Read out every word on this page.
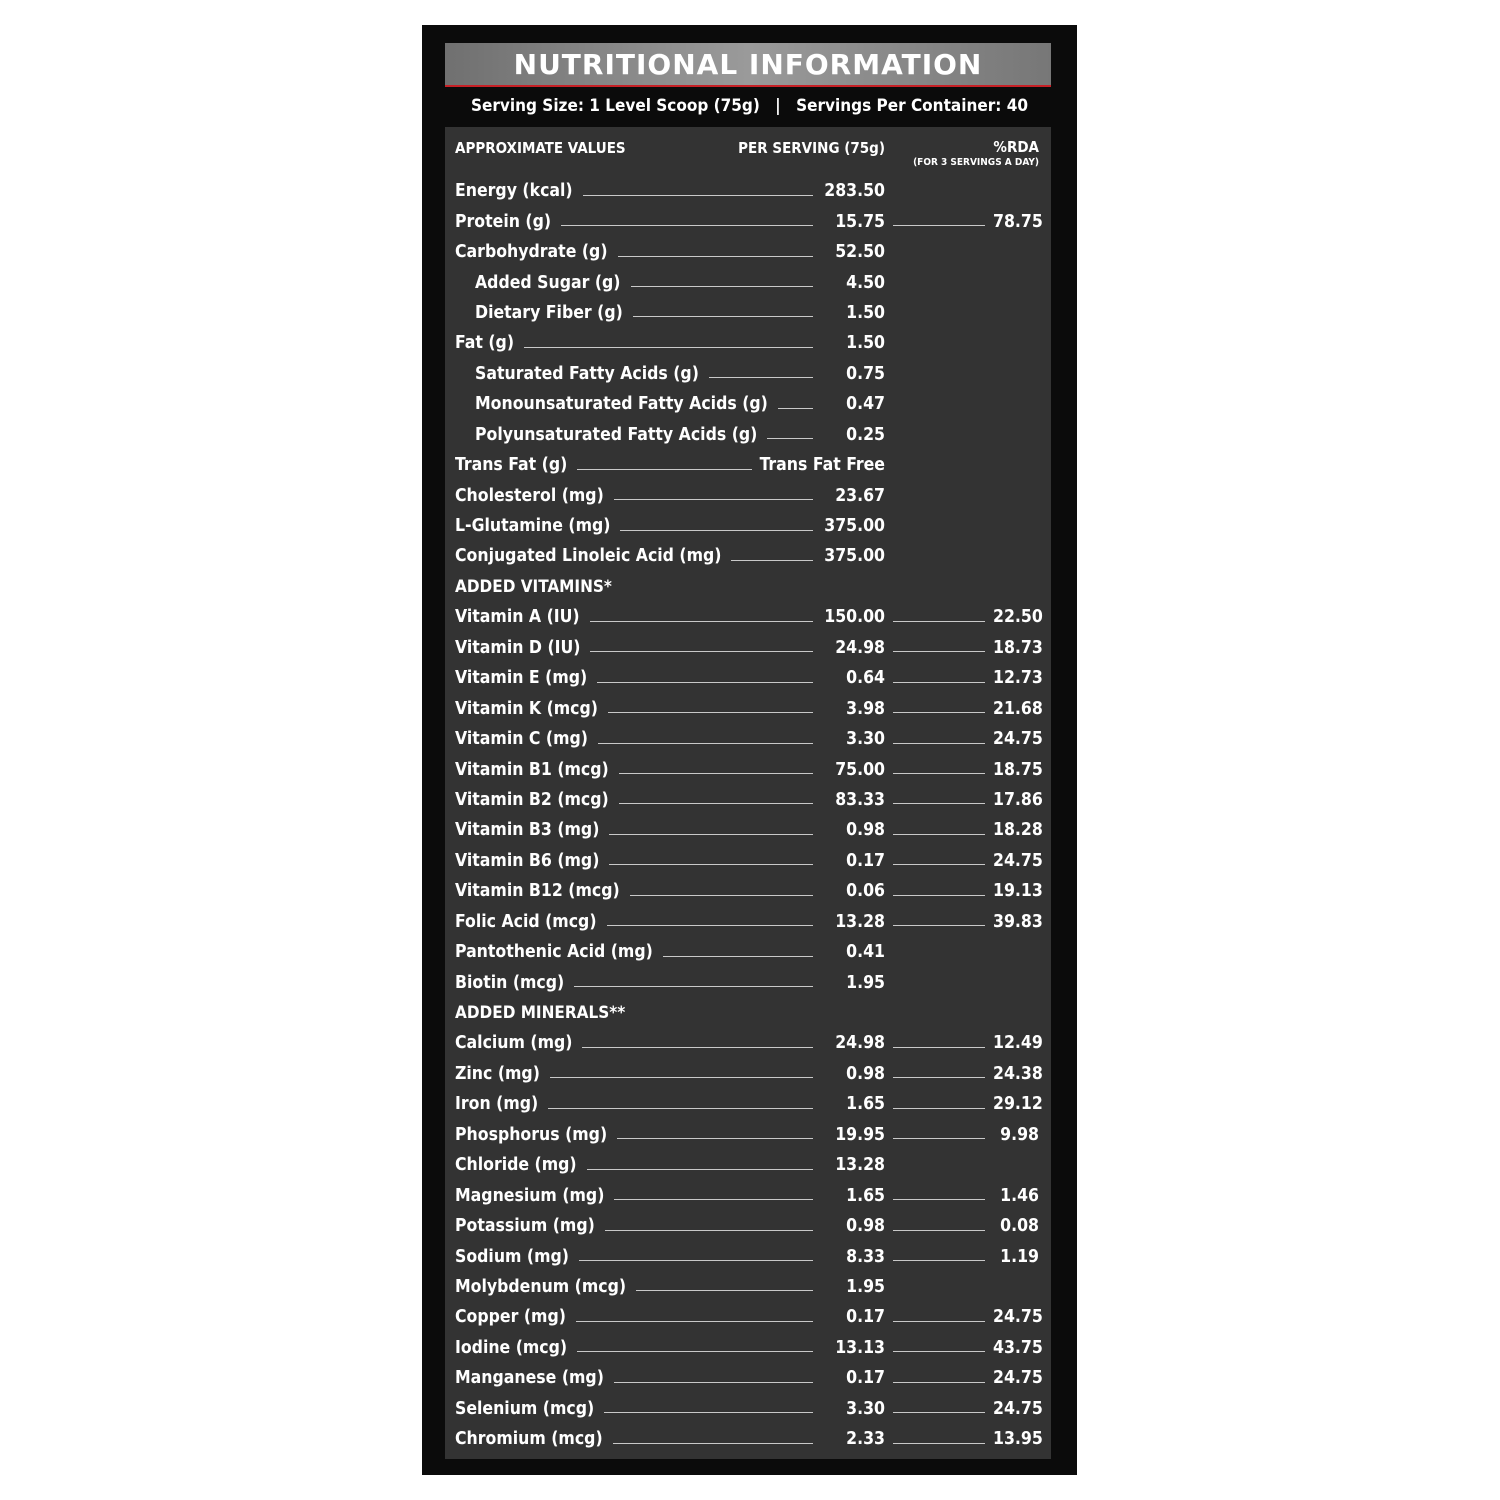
NUTRITIONAL INFORMATION
Serving Size: 1 Level Scoop (75g) | Servings Per Container: 40
APPROXIMATE VALUES	PER SERVING (75g)	%RDA
(FOR 3 SERVINGS A DAY)
Energy (kcal)	283.50
Protein (g)	15.75	78.75
Carbohydrate (g)	52.50
Added Sugar (g)	4.50
Dietary Fiber (g)	1.50
Fat (g)	1.50
Saturated Fatty Acids (g)	0.75
Monounsaturated Fatty Acids (g)	0.47
Polyunsaturated Fatty Acids (g)	0.25
Trans Fat (g)	Trans Fat Free
Cholesterol (mg)	23.67
L-Glutamine (mg)	375.00
Conjugated Linoleic Acid (mg)	375.00
ADDED VITAMINS*
Vitamin A (IU)	150.00	22.50
Vitamin D (IU)	24.98	18.73
Vitamin E (mg)	0.64	12.73
Vitamin K (mcg)	3.98	21.68
Vitamin C (mg)	3.30	24.75
Vitamin B1 (mcg)	75.00	18.75
Vitamin B2 (mcg)	83.33	17.86
Vitamin B3 (mg)	0.98	18.28
Vitamin B6 (mg)	0.17	24.75
Vitamin B12 (mcg)	0.06	19.13
Folic Acid (mcg)	13.28	39.83
Pantothenic Acid (mg)	0.41
Biotin (mcg)	1.95
ADDED MINERALS**
Calcium (mg)	24.98	12.49
Zinc (mg)	0.98	24.38
Iron (mg)	1.65	29.12
Phosphorus (mg)	19.95	9.98
Chloride (mg)	13.28
Magnesium (mg)	1.65	1.46
Potassium (mg)	0.98	0.08
Sodium (mg)	8.33	1.19
Molybdenum (mcg)	1.95
Copper (mg)	0.17	24.75
Iodine (mcg)	13.13	43.75
Manganese (mg)	0.17	24.75
Selenium (mcg)	3.30	24.75
Chromium (mcg)	2.33	13.95
